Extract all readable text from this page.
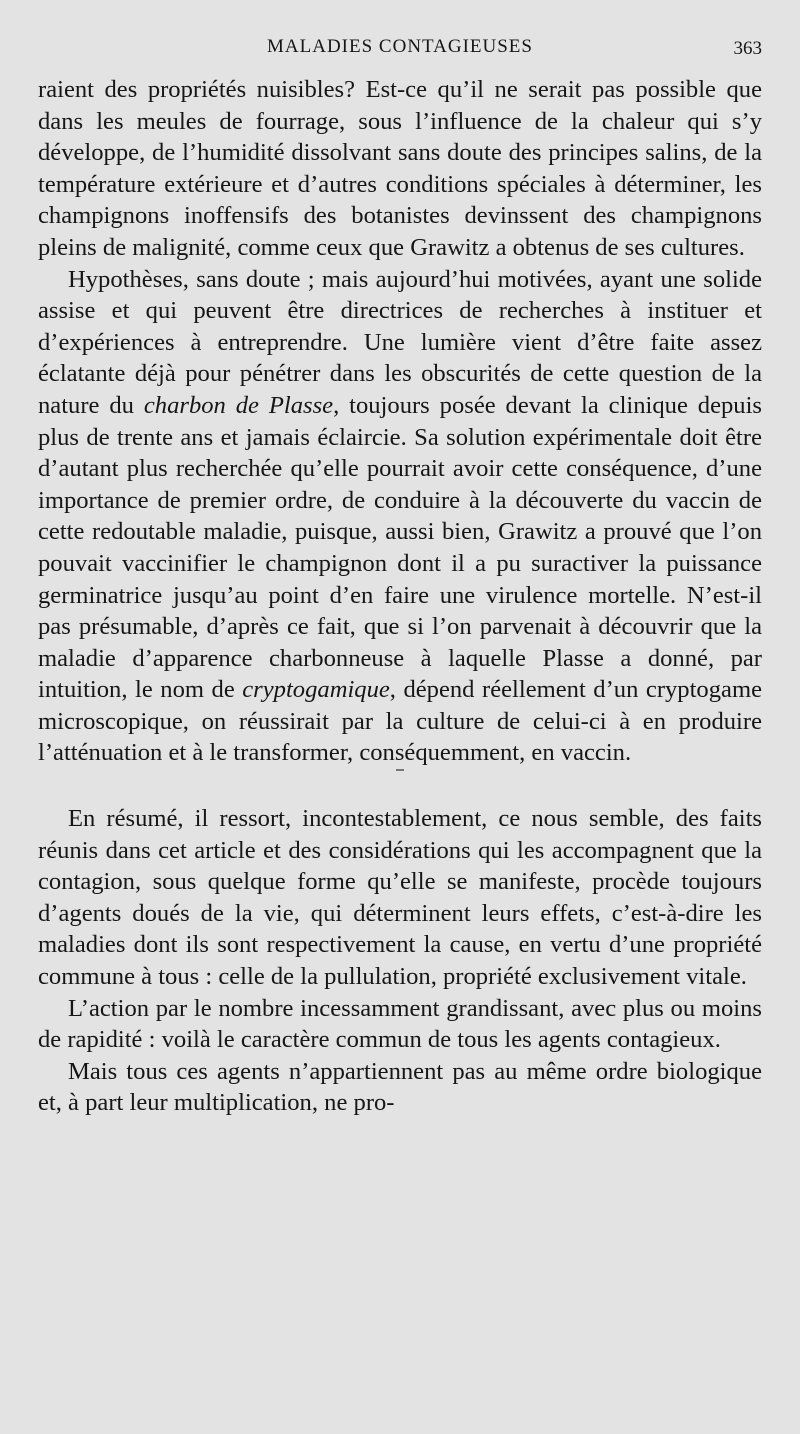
MALADIES CONTAGIEUSES	363

raient des propriétés nuisibles? Est-ce qu’il ne serait pas possible que dans les meules de fourrage, sous l’influence de la chaleur qui s’y développe, de l’humidité dissolvant sans doute des principes salins, de la température extérieure et d’autres conditions spéciales à déterminer, les champignons inoffensifs des botanistes devinssent des champignons pleins de malignité, comme ceux que Grawitz a obtenus de ses cultures.

Hypothèses, sans doute ; mais aujourd’hui motivées, ayant une solide assise et qui peuvent être directrices de recherches à instituer et d’expériences à entreprendre. Une lumière vient d’être faite assez éclatante déjà pour pénétrer dans les obscurités de cette question de la nature du charbon de Plasse, toujours posée devant la clinique depuis plus de trente ans et jamais éclaircie. Sa solution expérimentale doit être d’autant plus recherchée qu’elle pourrait avoir cette conséquence, d’une importance de premier ordre, de conduire à la découverte du vaccin de cette redoutable maladie, puisque, aussi bien, Grawitz a prouvé que l’on pouvait vaccinifier le champignon dont il a pu suractiver la puissance germinatrice jusqu’au point d’en faire une virulence mortelle. N’est-il pas présumable, d’après ce fait, que si l’on parvenait à découvrir que la maladie d’apparence charbonneuse à laquelle Plasse a donné, par intuition, le nom de cryptogamique, dépend réellement d’un cryptogame microscopique, on réussirait par la culture de celui-ci à en produire l’atténuation et à le transformer, conséquemment, en vaccin.

En résumé, il ressort, incontestablement, ce nous semble, des faits réunis dans cet article et des considérations qui les accompagnent que la contagion, sous quelque forme qu’elle se manifeste, procède toujours d’agents doués de la vie, qui déterminent leurs effets, c’est-à-dire les maladies dont ils sont respectivement la cause, en vertu d’une propriété commune à tous : celle de la pullulation, propriété exclusivement vitale.

L’action par le nombre incessamment grandissant, avec plus ou moins de rapidité : voilà le caractère commun de tous les agents contagieux.

Mais tous ces agents n’appartiennent pas au même ordre biologique et, à part leur multiplication, ne pro-
